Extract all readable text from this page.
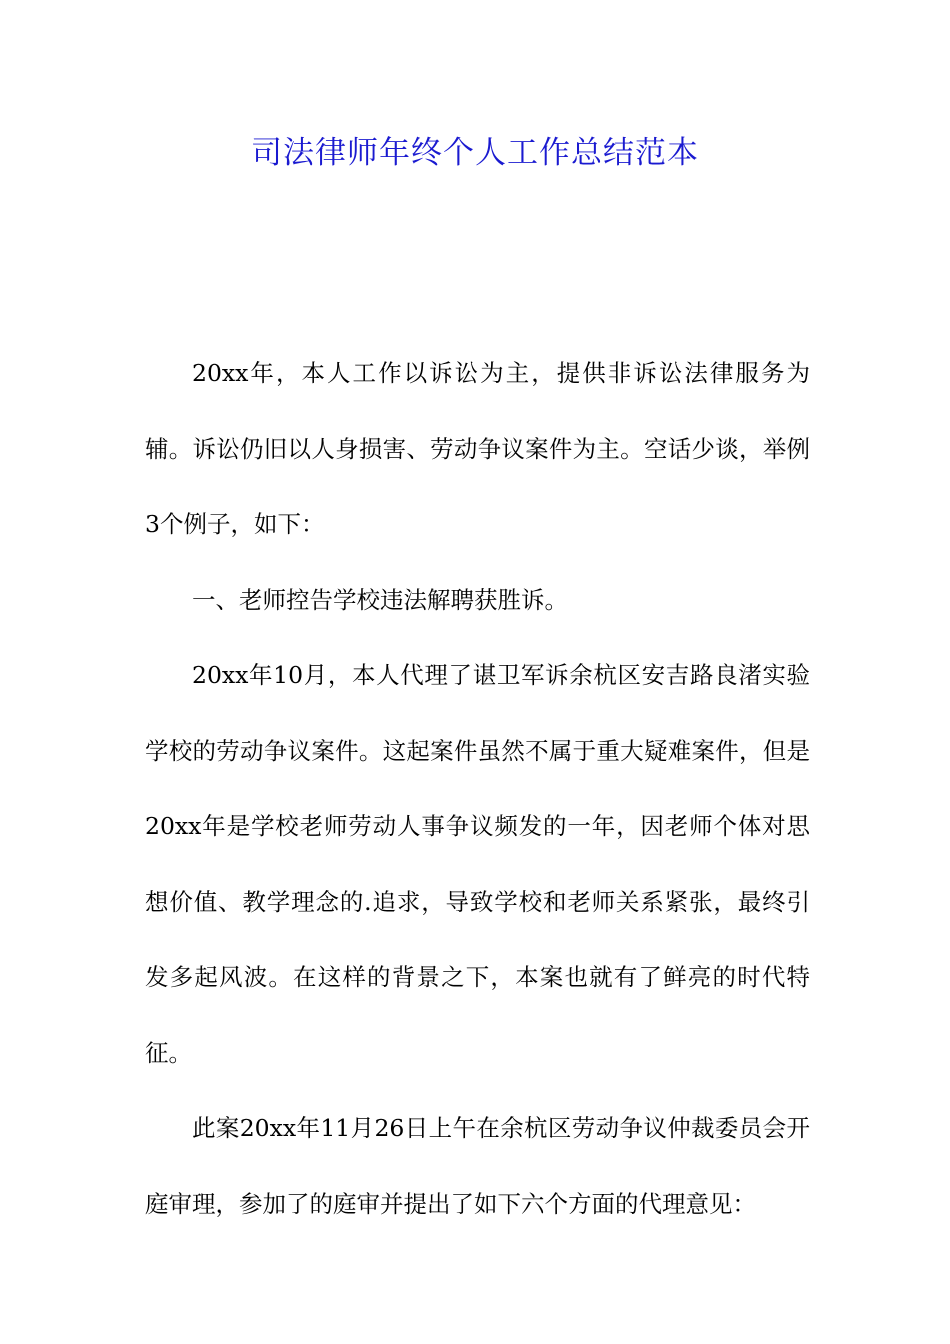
司法律师年终个人工作总结范本

20xx年，本人工作以诉讼为主，提供非诉讼法律服务为辅。诉讼仍旧以人身损害、劳动争议案件为主。空话少谈，举例3个例子，如下：

一、老师控告学校违法解聘获胜诉。

20xx年10月，本人代理了谌卫军诉余杭区安吉路良渚实验学校的劳动争议案件。这起案件虽然不属于重大疑难案件，但是20xx年是学校老师劳动人事争议频发的一年，因老师个体对思想价值、教学理念的.追求，导致学校和老师关系紧张，最终引发多起风波。在这样的背景之下，本案也就有了鲜亮的时代特征。

此案20xx年11月26日上午在余杭区劳动争议仲裁委员会开庭审理，参加了的庭审并提出了如下六个方面的代理意见：
